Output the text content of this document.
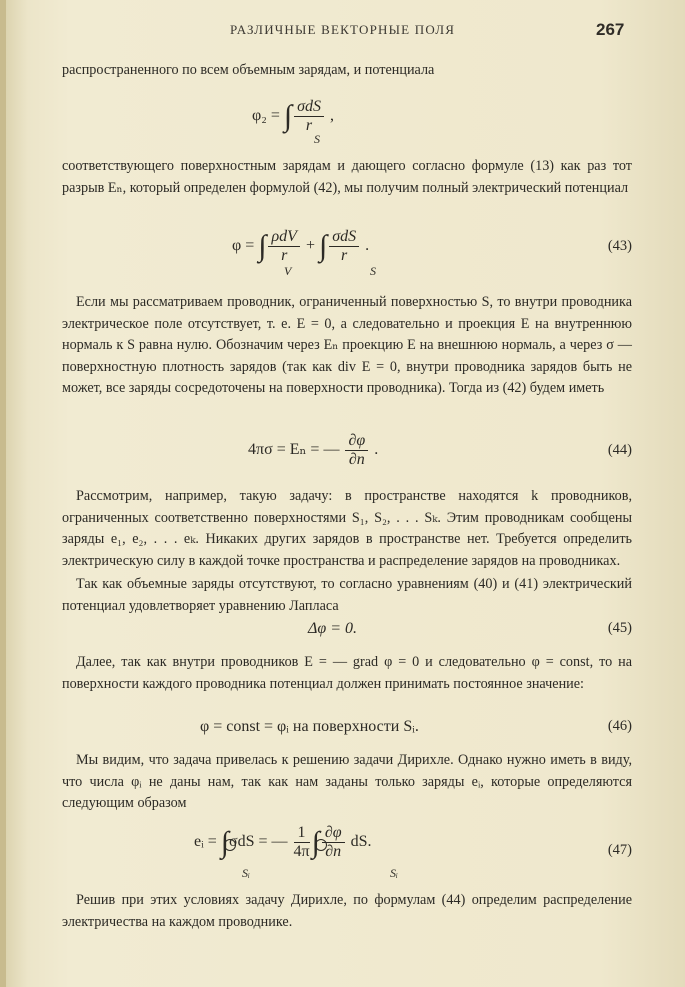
РАЗЛИЧНЫЕ ВЕКТОРНЫЕ ПОЛЯ	267

распространенного по всем объемным зарядам, и потенциала

φ₂ = ∫ $\frac{\text{σdS}}{r}$ ,
S

соответствующего поверхностным зарядам и дающего согласно формуле (13) как раз тот разрыв Eₙ, который определен формулой (42), мы получим полный электрический потенциал

φ = ∫ $\frac{\text{ρdV}}{r}$ + ∫ $\frac{\text{σdS}}{r}$ .
V	S
(43)

Если мы рассматриваем проводник, ограниченный поверхностью S, то внутри проводника электрическое поле отсутствует, т. е. E = 0, а следовательно и проекция E на внутреннюю нормаль к S равна нулю. Обозначим через Eₙ проекцию E на внешнюю нормаль, а через σ — поверхностную плотность зарядов (так как div E = 0, внутри проводника зарядов быть не может, все заряды сосредоточены на поверхности проводника). Тогда из (42) будем иметь

4πσ = Eₙ = — $\frac{\partial\varphi}{\partial n}$ .	(44)

Рассмотрим, например, такую задачу: в пространстве находятся k проводников, ограниченных соответственно поверхностями S₁, S₂, . . . Sₖ. Этим проводникам сообщены заряды e₁, e₂, . . . eₖ. Никаких других зарядов в пространстве нет. Требуется определить электрическую силу в каждой точке пространства и распределение зарядов на проводниках.

Так как объемные заряды отсутствуют, то согласно уравнениям (40) и (41) электрический потенциал удовлетворяет уравнению Лапласа

Δφ = 0.	(45)

Далее, так как внутри проводников E = — grad φ = 0 и следовательно φ = const, то на поверхности каждого проводника потенциал должен принимать постоянное значение:

φ = const = φᵢ на поверхности Sᵢ.	(46)

Мы видим, что задача привелась к решению задачи Дирихле. Однако нужно иметь в виду, что числа φᵢ не даны нам, так как нам заданы только заряды eᵢ, которые определяются следующим образом

eᵢ = ∫σdS = — $\frac{1}{4\pi}$ ∫ $\frac{\partial\varphi}{\partial n}$ dS.
Sᵢ	Sᵢ
(47)

Решив при этих условиях задачу Дирихле, по формулам (44) определим распределение электричества на каждом проводнике.
